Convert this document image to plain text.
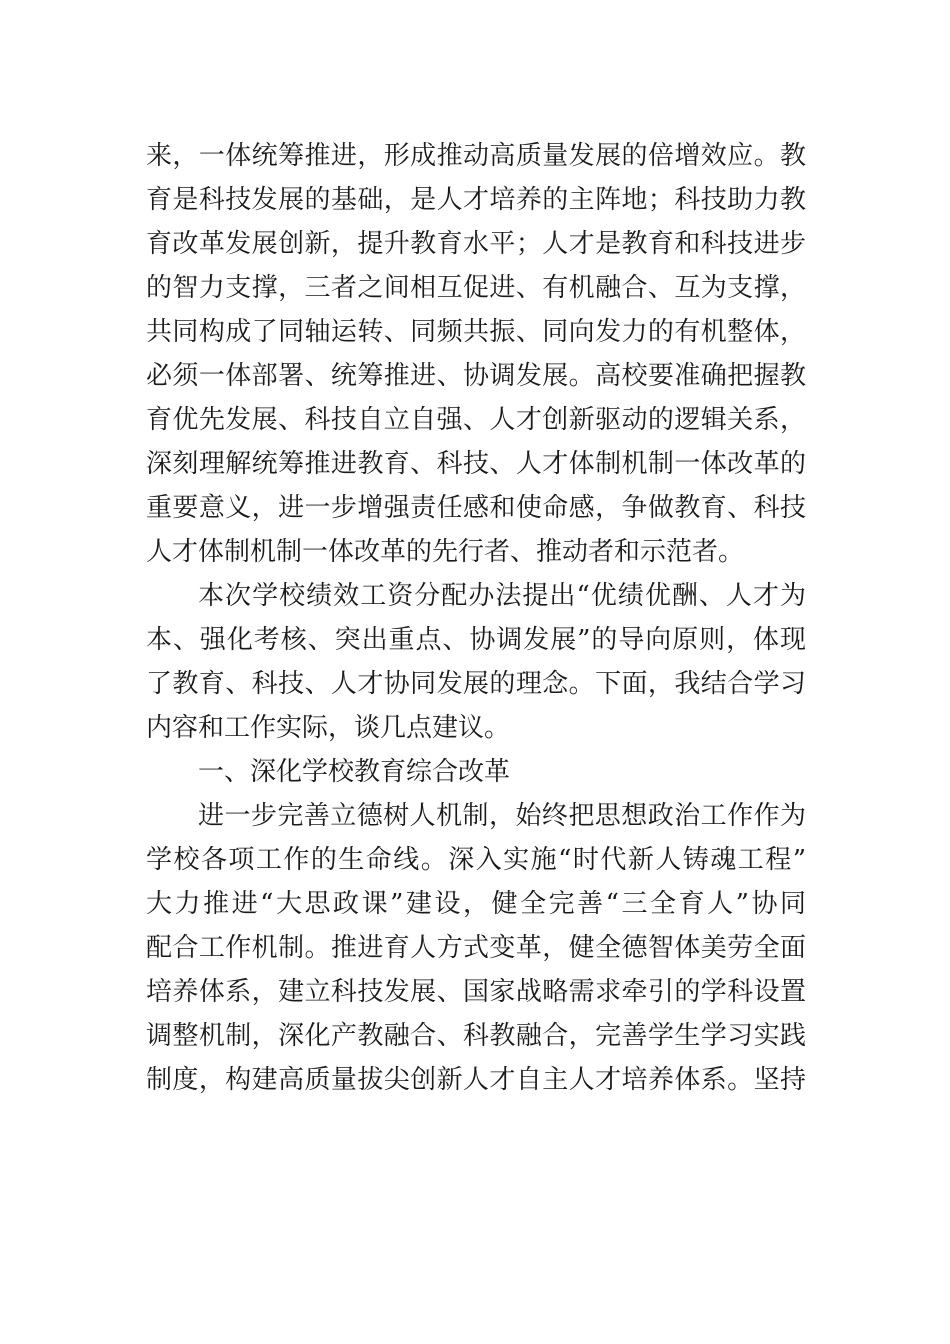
来，一体统筹推进，形成推动高质量发展的倍增效应。教

育是科技发展的基础，是人才培养的主阵地；科技助力教

育改革发展创新，提升教育水平；人才是教育和科技进步

的智力支撑，三者之间相互促进、有机融合、互为支撑，

共同构成了同轴运转、同频共振、同向发力的有机整体，

必须一体部署、统筹推进、协调发展。高校要准确把握教

育优先发展、科技自立自强、人才创新驱动的逻辑关系，

深刻理解统筹推进教育、科技、人才体制机制一体改革的

重要意义，进一步增强责任感和使命感，争做教育、科技

人才体制机制一体改革的先行者、推动者和示范者。

本次学校绩效工资分配办法提出“优绩优酬、人才为

本、强化考核、突出重点、协调发展”的导向原则，体现

了教育、科技、人才协同发展的理念。下面，我结合学习

内容和工作实际，谈几点建议。

一、深化学校教育综合改革

进一步完善立德树人机制，始终把思想政治工作作为

学校各项工作的生命线。深入实施“时代新人铸魂工程”

大力推进“大思政课”建设，健全完善“三全育人”协同

配合工作机制。推进育人方式变革，健全德智体美劳全面

培养体系，建立科技发展、国家战略需求牵引的学科设置

调整机制，深化产教融合、科教融合，完善学生学习实践

制度，构建高质量拔尖创新人才自主人才培养体系。坚持
